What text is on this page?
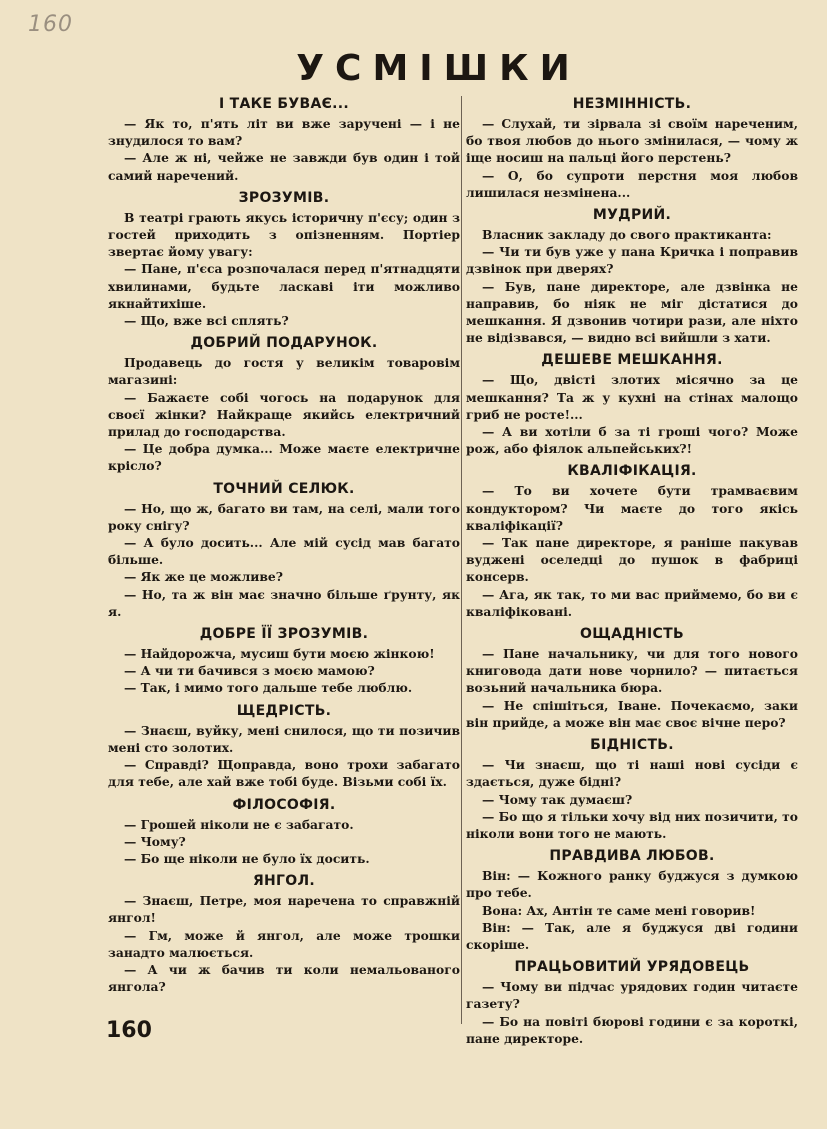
160
УСМІШКИ
І ТАКЕ БУВАЄ...

— Як то, п'ять літ ви вже заручені — і не знудилося то вам?

— Але ж ні, чейже не завжди був один і той самий наречений.

ЗРОЗУМІВ.

В театрі грають якусь історичну п'єсу; один з гостей приходить з опізненням. Портіер звертає йому увагу:

— Пане, п'єса розпочалася перед п'ятнадцяти хвилинами, будьте ласкаві іти можливо якнайтихіше.

— Що, вже всі сплять?

ДОБРИЙ ПОДАРУНОК.

Продавець до гостя у великім товаровім магазині:

— Бажаєте собі чогось на подарунок для своєї жінки? Найкраще якийсь електричний прилад до господарства.

— Це добра думка... Може маєте електричне крісло?

ТОЧНИЙ СЕЛЮК.

— Но, що ж, багато ви там, на селі, мали того року снігу?

— А було досить... Але мій сусід мав багато більше.

— Як же це можливе?

— Но, та ж він має значно більше ґрунту, як я.

ДОБРЕ ЇЇ ЗРОЗУМІВ.

— Найдорожча, мусиш бути моєю жінкою!

— А чи ти бачився з моєю мамою?

— Так, і мимо того дальше тебе люблю.

ЩЕДРІСТЬ.

— Знаєш, вуйку, мені снилося, що ти позичив мені сто золотих.

— Справді? Щоправда, воно трохи забагато для тебе, але хай вже тобі буде. Візьми собі їх.

ФІЛОСОФІЯ.

— Грошей ніколи не є забагато.

— Чому?

— Бо ще ніколи не було їх досить.

ЯНГОЛ.

— Знаєш, Петре, моя наречена то справжній янгол!

— Гм, може й янгол, але може трошки занадто малюється.

— А чи ж бачив ти коли немальованого янгола?

НЕЗМІННІСТЬ.

— Слухай, ти зірвала зі своїм нареченим, бо твоя любов до нього змінилася, — чому ж іще носиш на пальці його перстень?

— О, бо супроти перстня моя любов лишилася незмінена...

МУДРИЙ.

Власник закладу до свого практиканта:

— Чи ти був уже у пана Кричка і поправив дзвінок при дверях?

— Був, пане директоре, але дзвінка не направив, бо ніяк не міг дістатися до мешкання. Я дзвонив чотири рази, але ніхто не відізвався, — видно всі вийшли з хати.

ДЕШЕВЕ МЕШКАННЯ.

— Що, двісті злотих місячно за це мешкання? Та ж у кухні на стінах малощо гриб не росте!...

— А ви хотіли б за ті гроші чого? Може рож, або фіялок альпейських?!

КВАЛІФІКАЦІЯ.

— То ви хочете бути трамваєвим кондуктором? Чи маєте до того якісь кваліфікації?

— Так пане директоре, я раніше пакував вуджені оселедці до пушок в фабриці консерв.

— Ага, як так, то ми вас приймемо, бо ви є кваліфіковані.

ОЩАДНІСТЬ

— Пане начальнику, чи для того нового книговода дати нове чорнило? — питається возьний начальника бюра.

— Не спішіться, Іване. Почекаємо, заки він прийде, а може він має своє вічне перо?

БІДНІСТЬ.

— Чи знаєш, що ті наші нові сусіди є здається, дуже бідні?

— Чому так думаєш?

— Бо що я тільки хочу від них позичити, то ніколи вони того не мають.

ПРАВДИВА ЛЮБОВ.

Він: — Кожного ранку буджуся з думкою про тебе.

Вона: Ах, Антін те саме мені говорив!

Він: — Так, але я буджуся дві години скоріше.

ПРАЦЬОВИТИЙ УРЯДОВЕЦЬ

— Чому ви підчас урядових годин читаєте газету?

— Бо на повіті бюрові години є за короткі, пане директоре.

160
